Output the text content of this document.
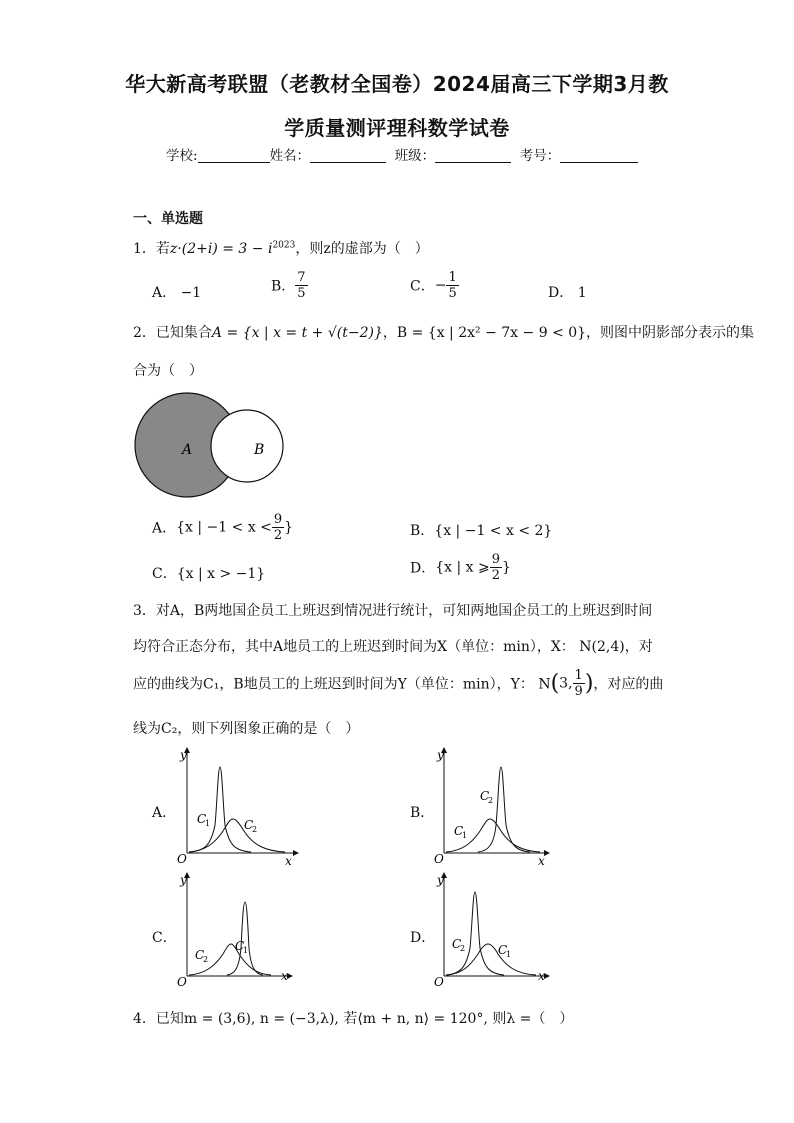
华大新高考联盟（老教材全国卷）2024届高三下学期3月教
学质量测评理科数学试卷
学校:	姓名：	班级：	考号：
一、单选题
1．若$z\cdot(2+i) = 3 - i^{2023}$，则z的虚部为（　）
A． −1	B． $\frac{7}{5}$	C．− $\frac{1}{5}$	D． 1
2．已知集合A = {x | x = t + √(t−2)}，B = {x | 2x² − 7x − 9 < 0}，则图中阴影部分表示的集
合为（　）
A	B
A．{x | $-1 < x < \frac{9}{2}$ }	B．{x | −1 < x < 2}
C．{x | x > −1}	D．{x | x ⩾ $\frac{9}{2}$ }
3．对A，B两地国企员工上班迟到情况进行统计，可知两地国企员工的上班迟到时间
均符合正态分布，其中A地员工的上班迟到时间为X（单位：min），X： N(2,4)，对
应的曲线为C₁，B地员工的上班迟到时间为Y（单位：min），Y： N(3, $\frac{1}{9}$ )，对应的曲
线为C₂，则下列图象正确的是（　）
A．	B．
C．	D．
O	x
y
C
1	C
2
O	x
y
C
1
C
2
O	x
y
C
2
C
1
O	x
y
C
2	C
1
4．已知m = (3,6), n = (−3,λ), 若⟨m + n, n⟩ = 120°, 则λ =（　）
